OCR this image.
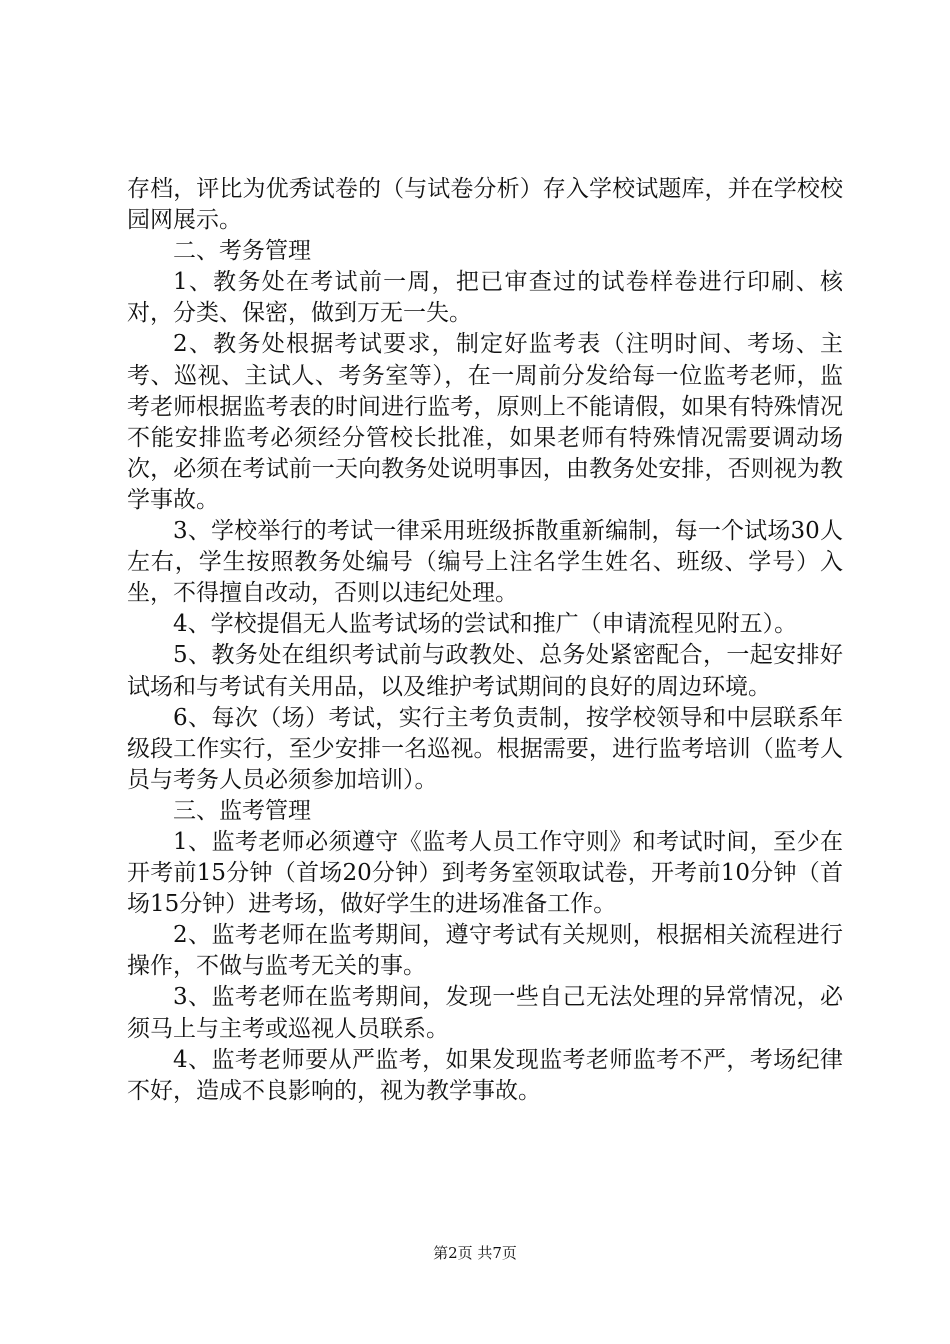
存档，评比为优秀试卷的（与试卷分析）存入学校试题库，并在学校校园网展示。

二、考务管理

1、教务处在考试前一周，把已审查过的试卷样卷进行印刷、核对，分类、保密，做到万无一失。

2、教务处根据考试要求，制定好监考表（注明时间、考场、主考、巡视、主试人、考务室等），在一周前分发给每一位监考老师，监考老师根据监考表的时间进行监考，原则上不能请假，如果有特殊情况不能安排监考必须经分管校长批准，如果老师有特殊情况需要调动场次，必须在考试前一天向教务处说明事因，由教务处安排，否则视为教学事故。

3、学校举行的考试一律采用班级拆散重新编制，每一个试场30人左右，学生按照教务处编号（编号上注名学生姓名、班级、学号）入坐，不得擅自改动，否则以违纪处理。

4、学校提倡无人监考试场的尝试和推广（申请流程见附五）。

5、教务处在组织考试前与政教处、总务处紧密配合，一起安排好试场和与考试有关用品，以及维护考试期间的良好的周边环境。

6、每次（场）考试，实行主考负责制，按学校领导和中层联系年级段工作实行，至少安排一名巡视。根据需要，进行监考培训（监考人员与考务人员必须参加培训）。

三、监考管理

1、监考老师必须遵守《监考人员工作守则》和考试时间，至少在开考前15分钟（首场20分钟）到考务室领取试卷，开考前10分钟（首场15分钟）进考场，做好学生的进场准备工作。

2、监考老师在监考期间，遵守考试有关规则，根据相关流程进行操作，不做与监考无关的事。

3、监考老师在监考期间，发现一些自己无法处理的异常情况，必须马上与主考或巡视人员联系。

4、监考老师要从严监考，如果发现监考老师监考不严，考场纪律不好，造成不良影响的，视为教学事故。

第2页 共7页
